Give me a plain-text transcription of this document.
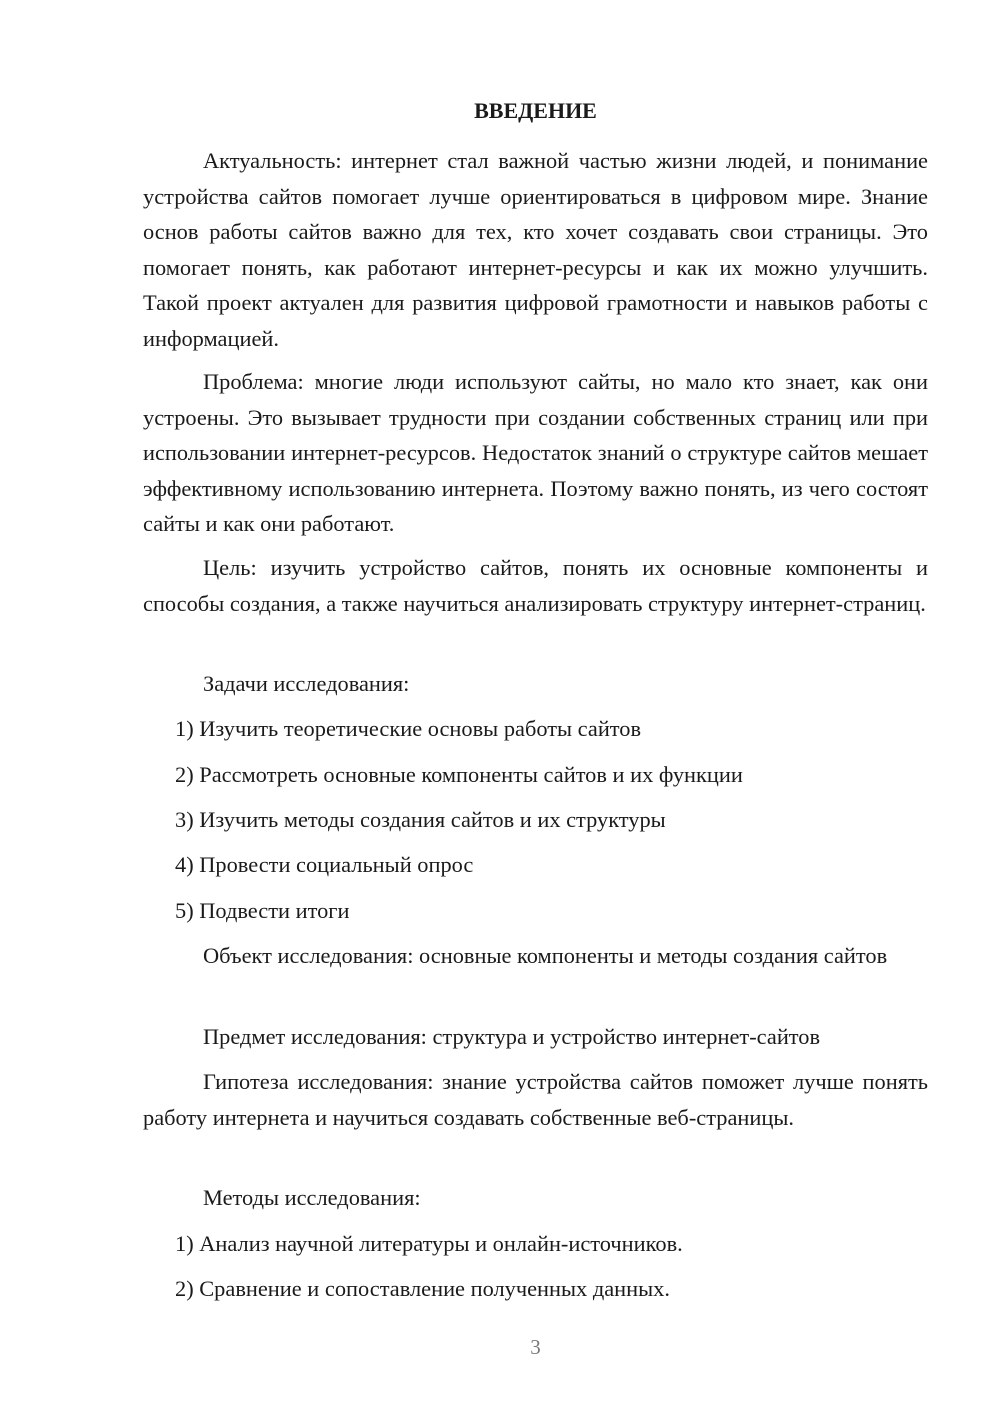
ВВЕДЕНИЕ

Актуальность: интернет стал важной частью жизни людей, и понимание устройства сайтов помогает лучше ориентироваться в цифровом мире. Знание основ работы сайтов важно для тех, кто хочет создавать свои страницы. Это помогает понять, как работают интернет-ресурсы и как их можно улучшить. Такой проект актуален для развития цифровой грамотности и навыков работы с информацией.

Проблема: многие люди используют сайты, но мало кто знает, как они устроены. Это вызывает трудности при создании собственных страниц или при использовании интернет-ресурсов. Недостаток знаний о структуре сайтов мешает эффективному использованию интернета. Поэтому важно понять, из чего состоят сайты и как они работают.

Цель: изучить устройство сайтов, понять их основные компоненты и способы создания, а также научиться анализировать структуру интернет-страниц.

Задачи исследования:

1) Изучить теоретические основы работы сайтов

2) Рассмотреть основные компоненты сайтов и их функции

3) Изучить методы создания сайтов и их структуры

4) Провести социальный опрос

5) Подвести итоги

Объект исследования: основные компоненты и методы создания сайтов

Предмет исследования: структура и устройство интернет-сайтов

Гипотеза исследования: знание устройства сайтов поможет лучше понять работу интернета и научиться создавать собственные веб-страницы.

Методы исследования:

1) Анализ научной литературы и онлайн-источников.

2) Сравнение и сопоставление полученных данных.

3
